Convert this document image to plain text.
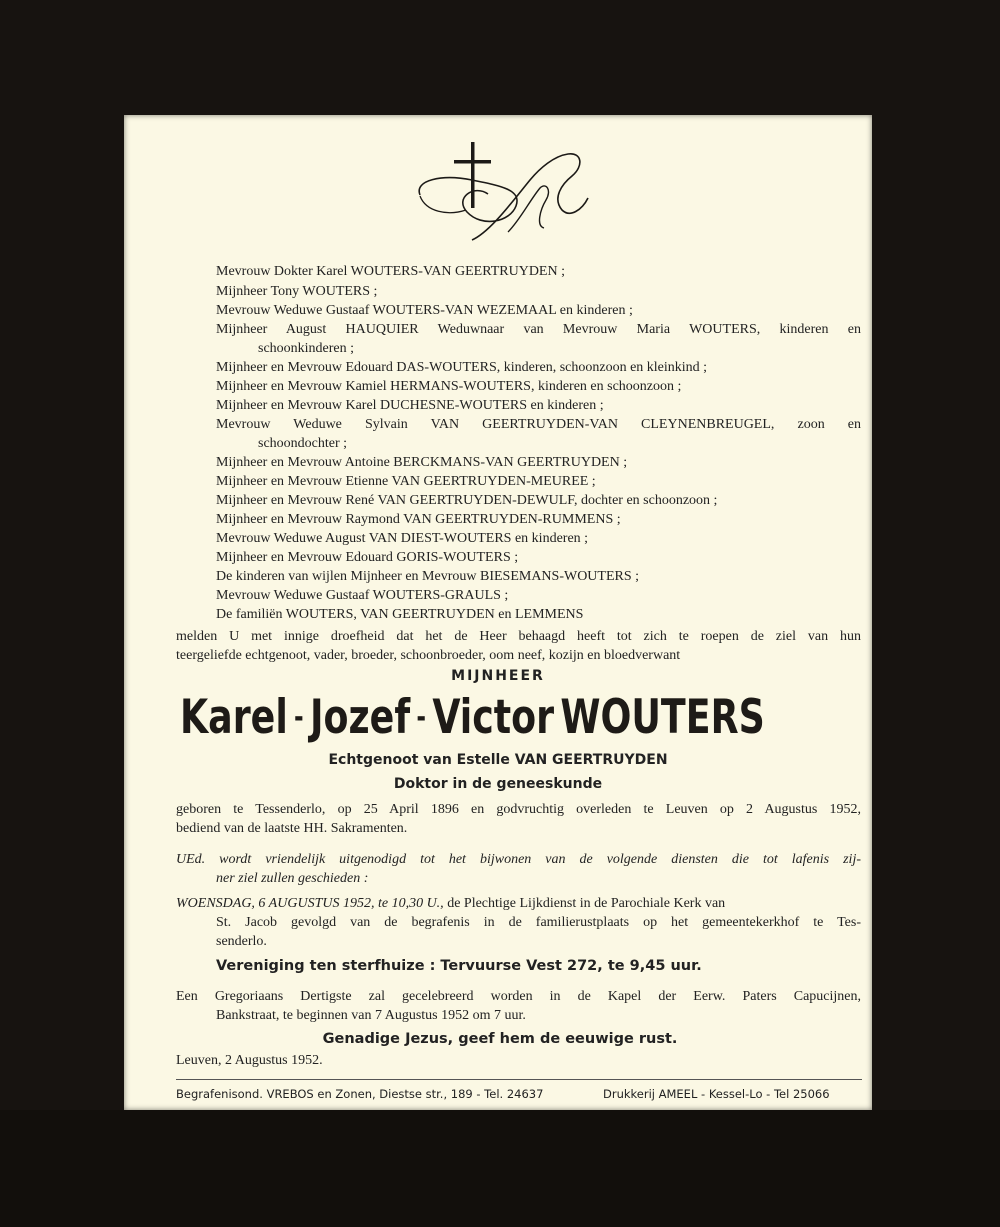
Mevrouw Dokter Karel WOUTERS-VAN GEERTRUYDEN ;
Mijnheer Tony WOUTERS ;
Mevrouw Weduwe Gustaaf WOUTERS-VAN WEZEMAAL en kinderen ;
Mijnheer August HAUQUIER Weduwnaar van Mevrouw Maria WOUTERS, kinderen en
schoonkinderen ;
Mijnheer en Mevrouw Edouard DAS-WOUTERS, kinderen, schoonzoon en kleinkind ;
Mijnheer en Mevrouw Kamiel HERMANS-WOUTERS, kinderen en schoonzoon ;
Mijnheer en Mevrouw Karel DUCHESNE-WOUTERS en kinderen ;
Mevrouw Weduwe Sylvain VAN GEERTRUYDEN-VAN CLEYNENBREUGEL, zoon en
schoondochter ;
Mijnheer en Mevrouw Antoine BERCKMANS-VAN GEERTRUYDEN ;
Mijnheer en Mevrouw Etienne VAN GEERTRUYDEN-MEUREE ;
Mijnheer en Mevrouw René VAN GEERTRUYDEN-DEWULF, dochter en schoonzoon ;
Mijnheer en Mevrouw Raymond VAN GEERTRUYDEN-RUMMENS ;
Mevrouw Weduwe August VAN DIEST-WOUTERS en kinderen ;
Mijnheer en Mevrouw Edouard GORIS-WOUTERS ;
De kinderen van wijlen Mijnheer en Mevrouw BIESEMANS-WOUTERS ;
Mevrouw Weduwe Gustaaf WOUTERS-GRAULS ;
De familiën WOUTERS, VAN GEERTRUYDEN en LEMMENS
melden U met innige droefheid dat het de Heer behaagd heeft tot zich te roepen de ziel van hun
teergeliefde echtgenoot, vader, broeder, schoonbroeder, oom neef, kozijn en bloedverwant
MIJNHEER
Karel - Jozef - Victor WOUTERS
Echtgenoot van Estelle VAN GEERTRUYDEN
Doktor in de geneeskunde
geboren te Tessenderlo, op 25 April 1896 en godvruchtig overleden te Leuven op 2 Augustus 1952,
bediend van de laatste HH. Sakramenten.
UEd. wordt vriendelijk uitgenodigd tot het bijwonen van de volgende diensten die tot lafenis zij-
ner ziel zullen geschieden :
WOENSDAG, 6 AUGUSTUS 1952, te 10,30 U., de Plechtige Lijkdienst in de Parochiale Kerk van
St. Jacob gevolgd van de begrafenis in de familierustplaats op het gemeentekerkhof te Tes-
senderlo.
Vereniging ten sterfhuize : Tervuurse Vest 272, te 9,45 uur.
Een Gregoriaans Dertigste zal gecelebreerd worden in de Kapel der Eerw. Paters Capucijnen,
Bankstraat, te beginnen van 7 Augustus 1952 om 7 uur.
Genadige Jezus, geef hem de eeuwige rust.
Leuven, 2 Augustus 1952.
Begrafenisond. VREBOS en Zonen, Diestse str., 189 - Tel. 24637	Drukkerij AMEEL - Kessel-Lo - Tel 25066
